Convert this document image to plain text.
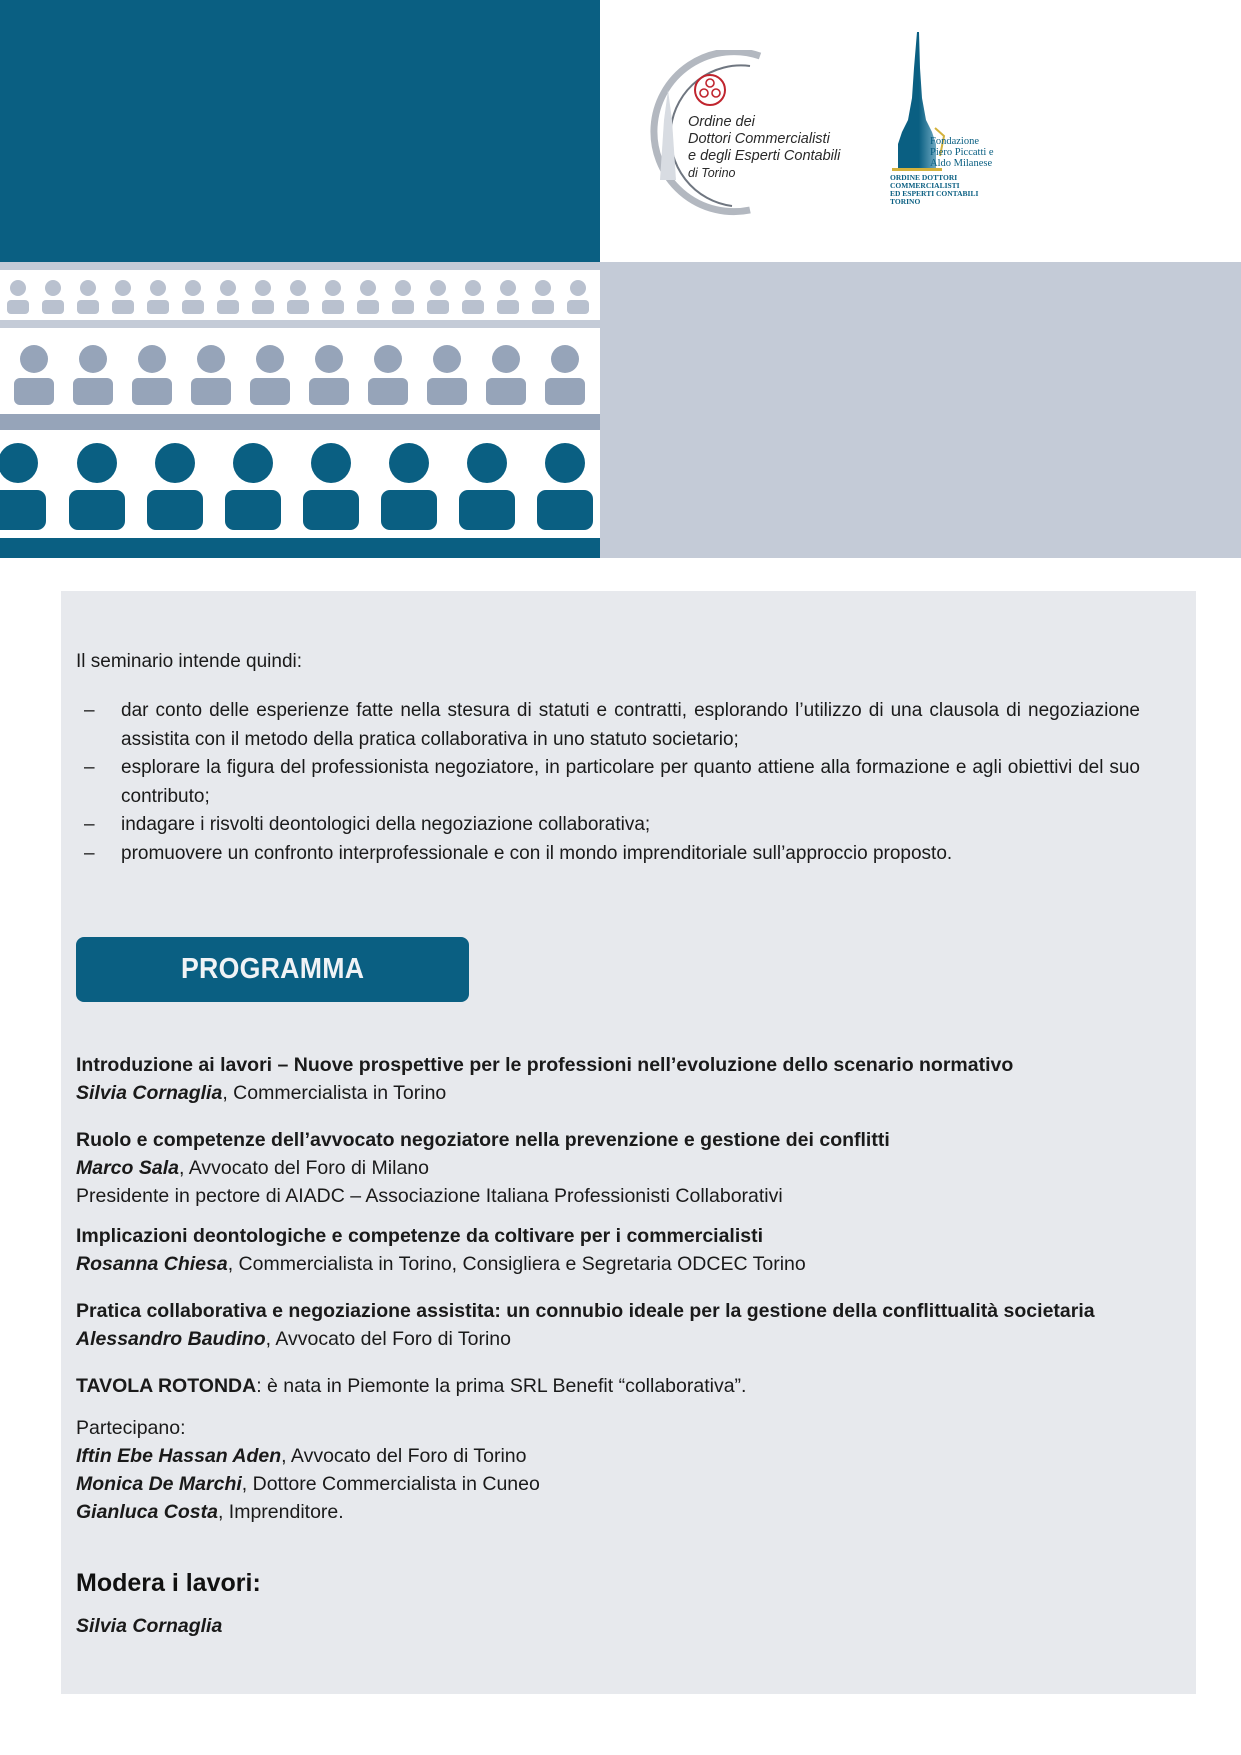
Ordine dei
Dottori Commercialisti
e degli Esperti Contabili
di Torino
Fondazione
Piero Piccatti e
Aldo Milanese
ORDINE DOTTORI
COMMERCIALISTI
ED ESPERTI CONTABILI
TORINO
Il seminario intende quindi:
– dar conto delle esperienze fatte nella stesura di statuti e contratti, esplorando l’utilizzo di una clausola di negoziazione assistita con il metodo della pratica collaborativa in uno statuto societario;
– esplorare la figura del professionista negoziatore, in particolare per quanto attiene alla formazione e agli obiettivi del suo contributo;
– indagare i risvolti deontologici della negoziazione collaborativa;
– promuovere un confronto interprofessionale e con il mondo imprenditoriale sull’approccio proposto.
PROGRAMMA
Introduzione ai lavori – Nuove prospettive per le professioni nell’evoluzione dello scenario normativo
Silvia Cornaglia, Commercialista in Torino
Ruolo e competenze dell’avvocato negoziatore nella prevenzione e gestione dei conflitti
Marco Sala, Avvocato del Foro di Milano
Presidente in pectore di AIADC – Associazione Italiana Professionisti Collaborativi
Implicazioni deontologiche e competenze da coltivare per i commercialisti
Rosanna Chiesa, Commercialista in Torino, Consigliera e Segretaria ODCEC Torino
Pratica collaborativa e negoziazione assistita: un connubio ideale per la gestione della conflittualità societaria
Alessandro Baudino, Avvocato del Foro di Torino
TAVOLA ROTONDA: è nata in Piemonte la prima SRL Benefit “collaborativa”.
Partecipano:
Iftin Ebe Hassan Aden, Avvocato del Foro di Torino
Monica De Marchi, Dottore Commercialista in Cuneo
Gianluca Costa, Imprenditore.
Modera i lavori:
Silvia Cornaglia
